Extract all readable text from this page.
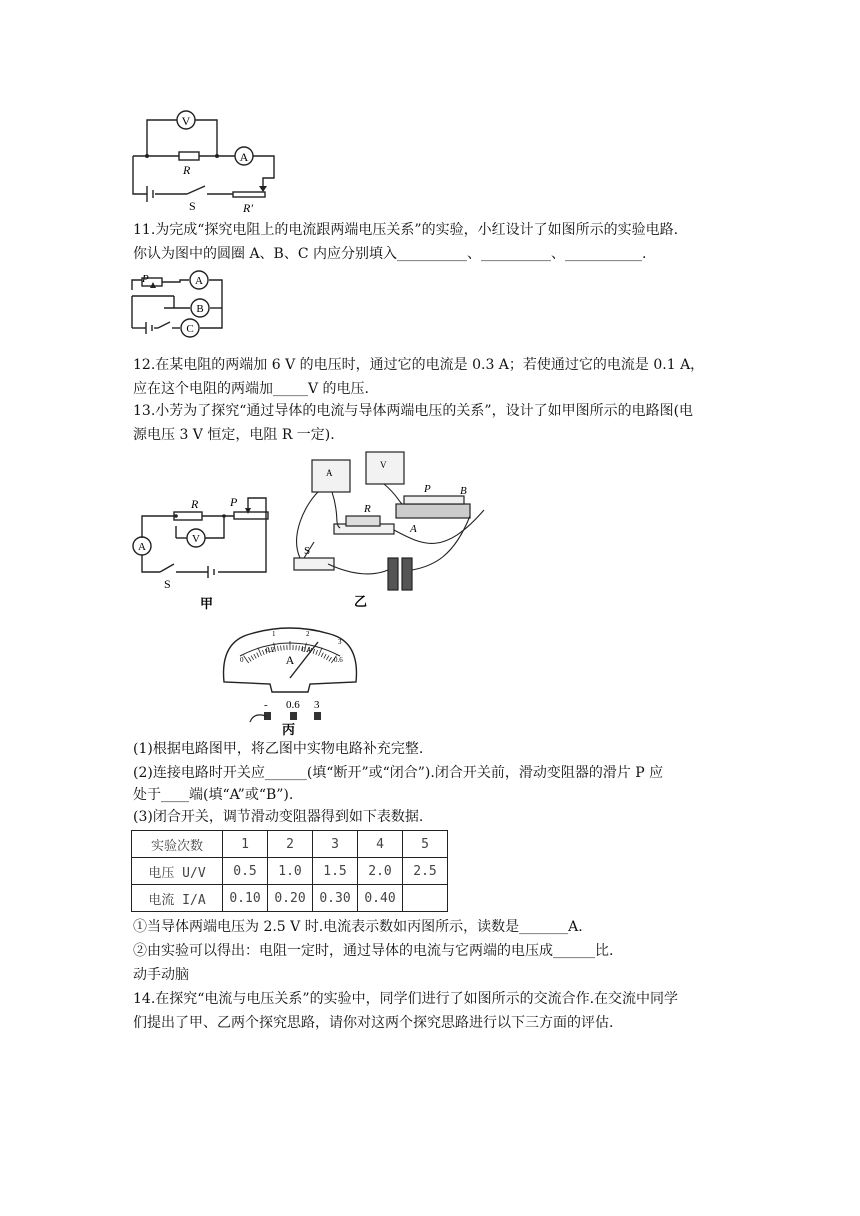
V
A
R
S	R′
11.为完成“探究电阻上的电流跟两端电压关系”的实验，小红设计了如图所示的实验电路.
你认为图中的圆圈 A、B、C 内应分别填入__________、__________、___________.
P	A
B
C
12.在某电阻的两端加 6 V 的电压时，通过它的电流是 0.3 A；若使通过它的电流是 0.1 A，
应在这个电阻的两端加_____V 的电压.
13.小芳为了探究“通过导体的电流与导体两端电压的关系”，设计了如甲图所示的电路图(电
源电压 3 V 恒定，电阻 R 一定).
R	P
A
V
S
甲
R
P	B
A
S
A
V
乙
A
0
0.2	0.4
0.6
1	2
3
- 0.6 3
丙
(1)根据电路图甲，将乙图中实物电路补充完整.
(2)连接电路时开关应______(填“断开”或“闭合”).闭合开关前，滑动变阻器的滑片 P 应
处于____端(填“A”或“B”).
(3)闭合开关，调节滑动变阻器得到如下表数据.
实验次数	1	2	3	4	5
电压 U/V	0.5	1.0	1.5	2.0	2.5
电流 I/A	0.10	0.20	0.30	0.40	
①当导体两端电压为 2.5 V 时.电流表示数如丙图所示，读数是_______A.
②由实验可以得出：电阻一定时，通过导体的电流与它两端的电压成______比.
动手动脑
14.在探究“电流与电压关系”的实验中，同学们进行了如图所示的交流合作.在交流中同学
们提出了甲、乙两个探究思路，请你对这两个探究思路进行以下三方面的评估.
